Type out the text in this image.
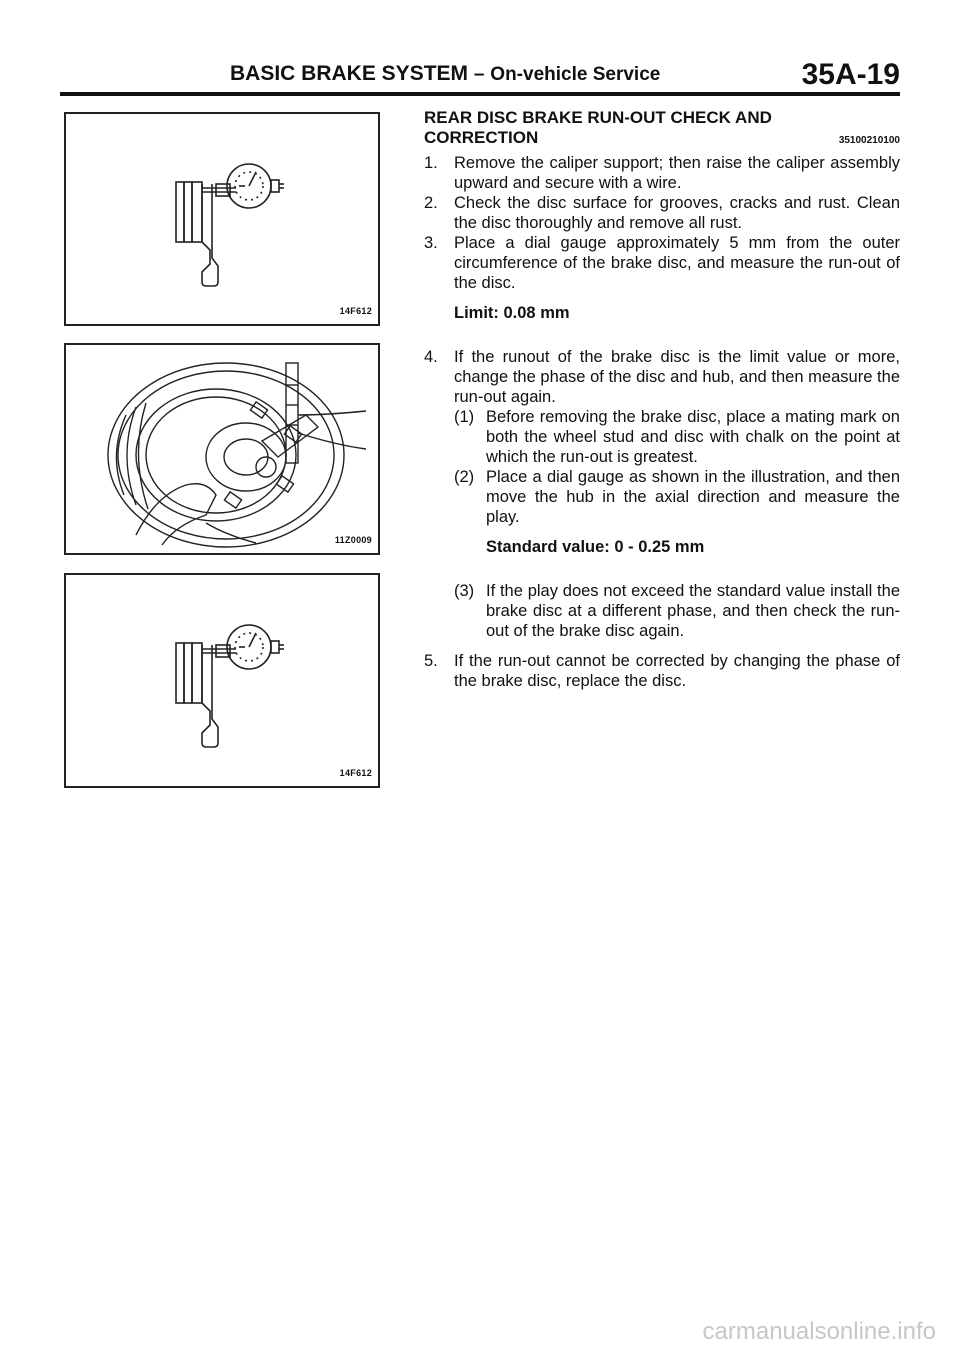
BASIC BRAKE SYSTEM – On-vehicle Service	35A-19
14F612
11Z0009
14F612

REAR DISC BRAKE RUN-OUT CHECK AND

CORRECTION	35100210100
1. Remove the caliper support; then raise the caliper assembly upward and secure with a wire.
2. Check the disc surface for grooves, cracks and rust. Clean the disc thoroughly and remove all rust.
3. Place a dial gauge approximately 5 mm from the outer circumference of the brake disc, and measure the run-out of the disc.
Limit: 0.08 mm
4. If the runout of the brake disc is the limit value or more, change the phase of the disc and hub, and then measure the run-out again.
(1) Before removing the brake disc, place a mating mark on both the wheel stud and disc with chalk on the point at which the run-out is greatest.
(2) Place a dial gauge as shown in the illustration, and then move the hub in the axial direction and measure the play.
Standard value: 0 - 0.25 mm
(3) If the play does not exceed the standard value install the brake disc at a different phase, and then check the run-out of the brake disc again.
5. If the run-out cannot be corrected by changing the phase of the brake disc, replace the disc.
carmanualsonline.info
